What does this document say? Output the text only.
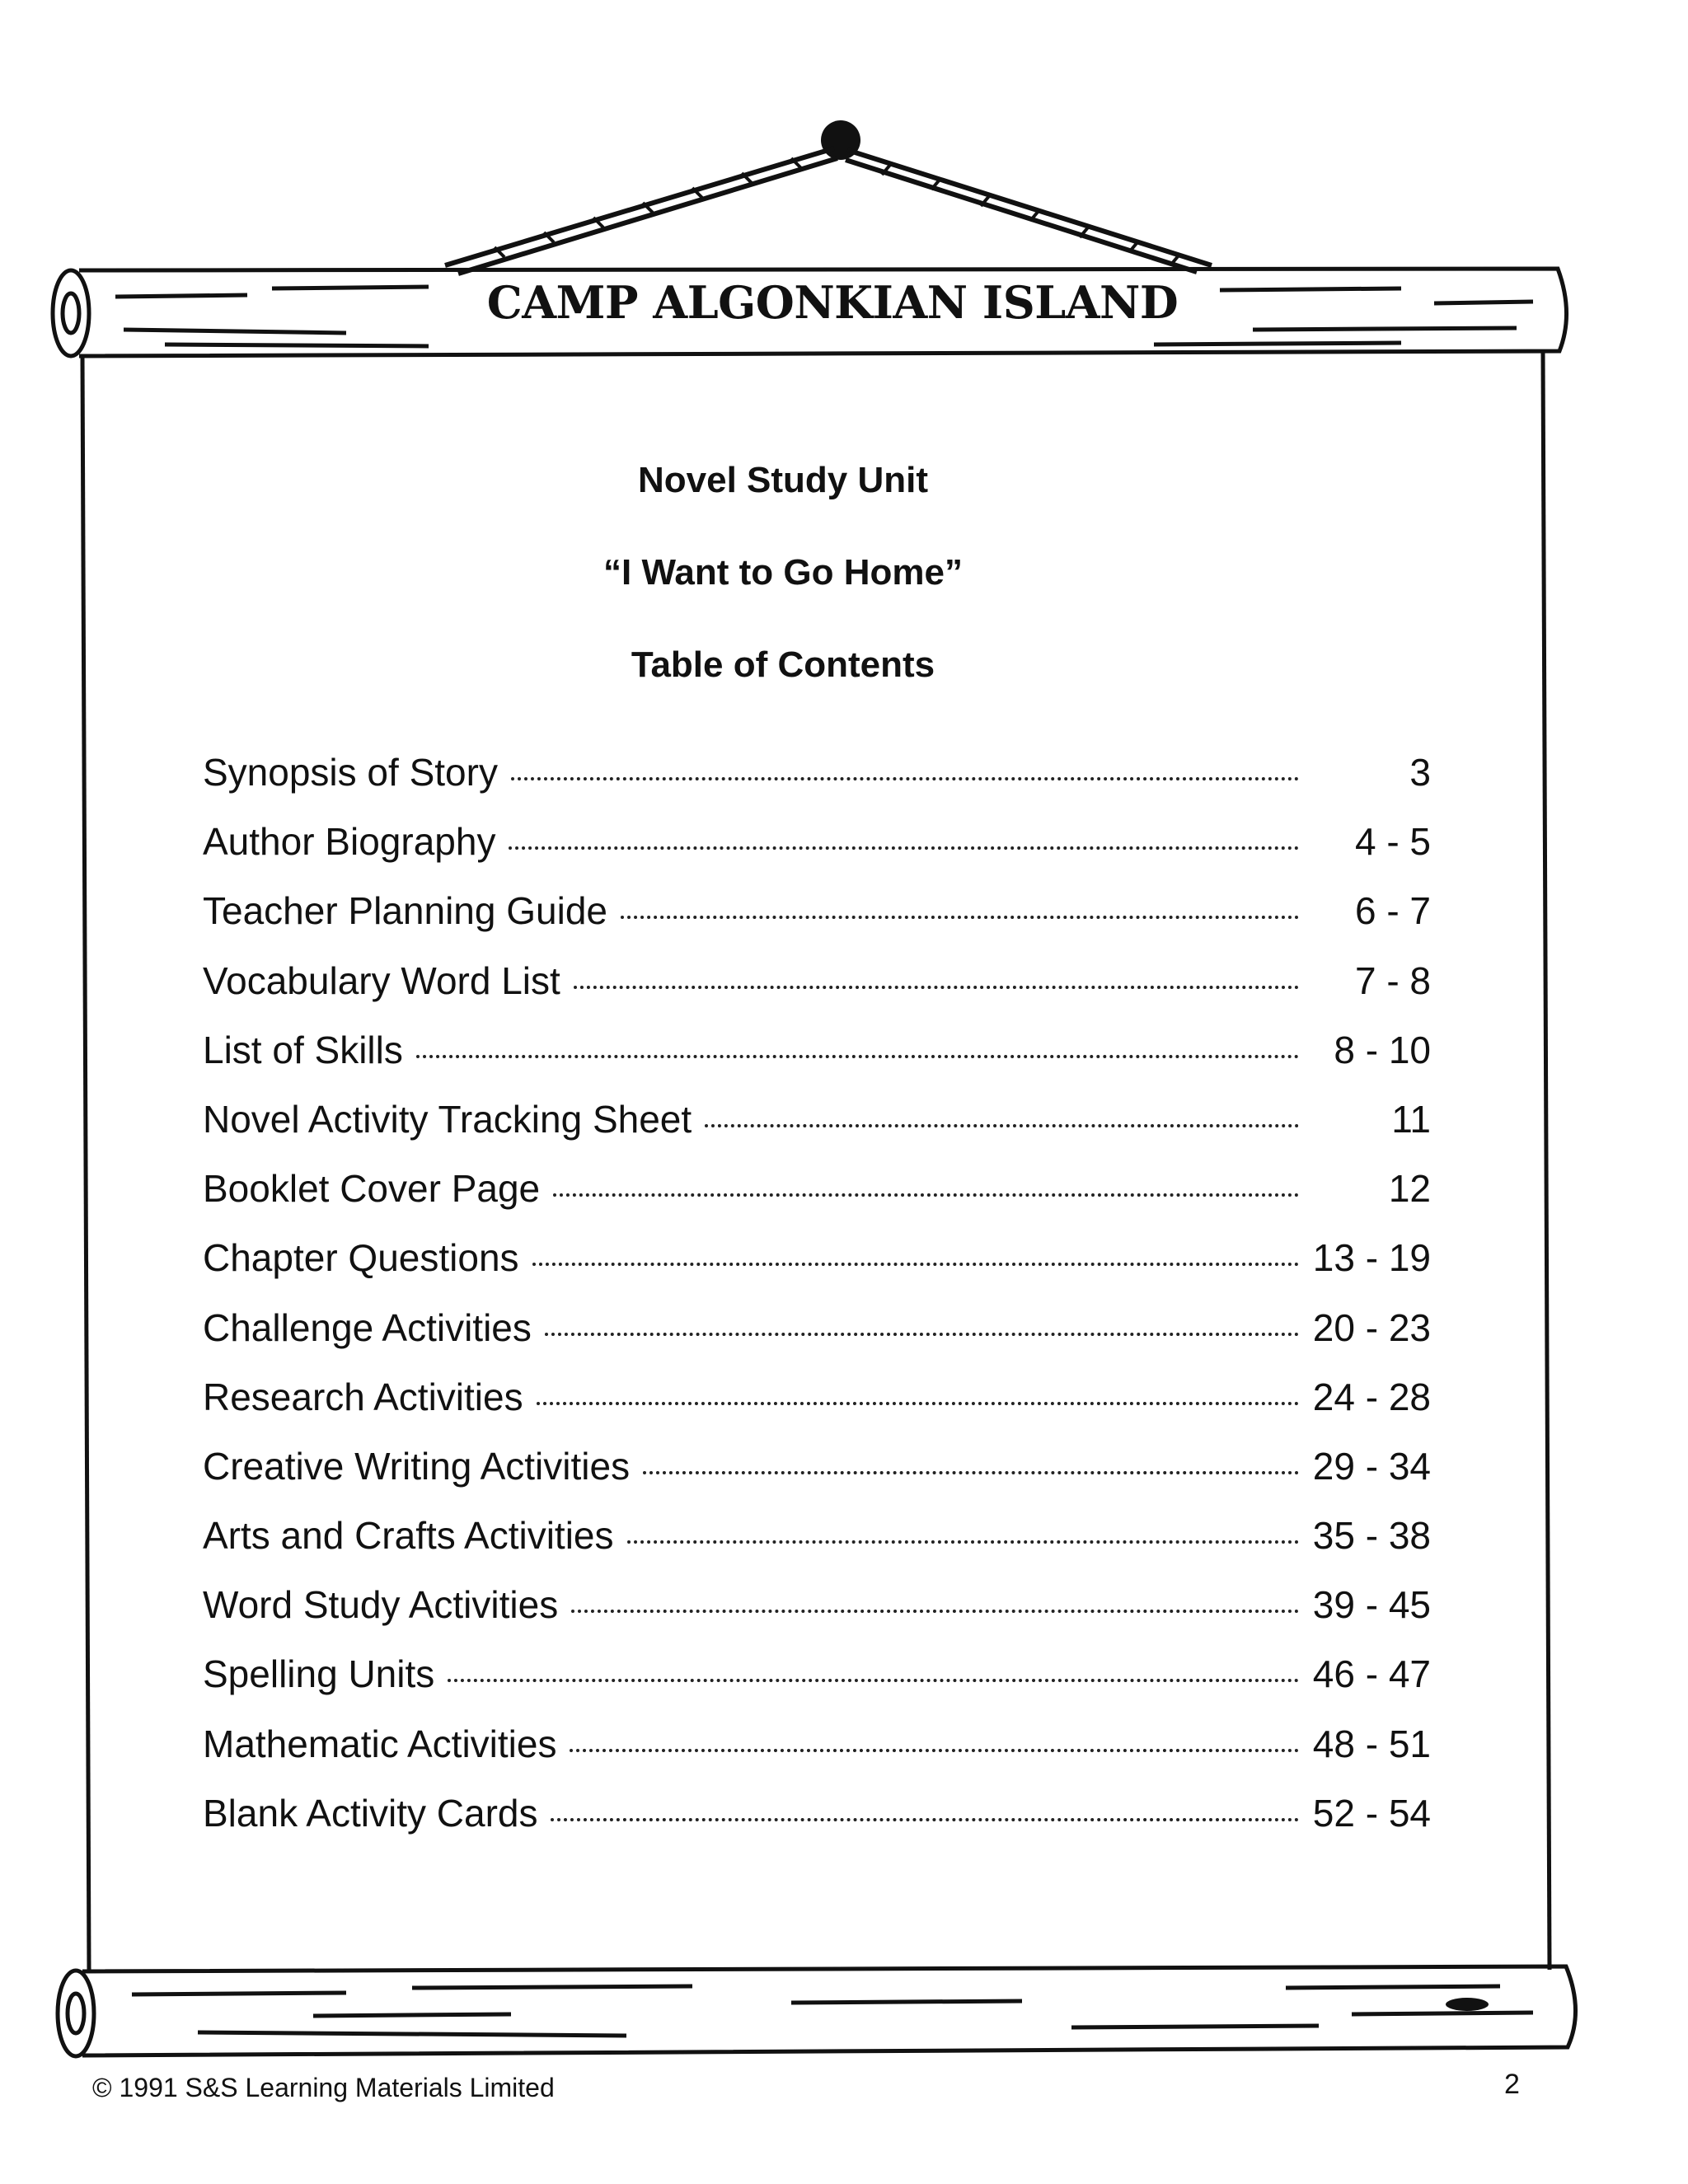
CAMP ALGONKIAN ISLAND
Novel Study Unit
“I Want to Go Home”
Table of Contents
Synopsis of Story	3
Author Biography	4 - 5
Teacher Planning Guide	6 - 7
Vocabulary Word List	7 - 8
List of Skills	8 - 10
Novel Activity Tracking Sheet	11
Booklet Cover Page	12
Chapter Questions	13 - 19
Challenge Activities	20 - 23
Research Activities	24 - 28
Creative Writing Activities	29 - 34
Arts and Crafts Activities	35 - 38
Word Study Activities	39 - 45
Spelling Units	46 - 47
Mathematic Activities	48 - 51
Blank Activity Cards	52 - 54
© 1991 S&S Learning Materials Limited	2
